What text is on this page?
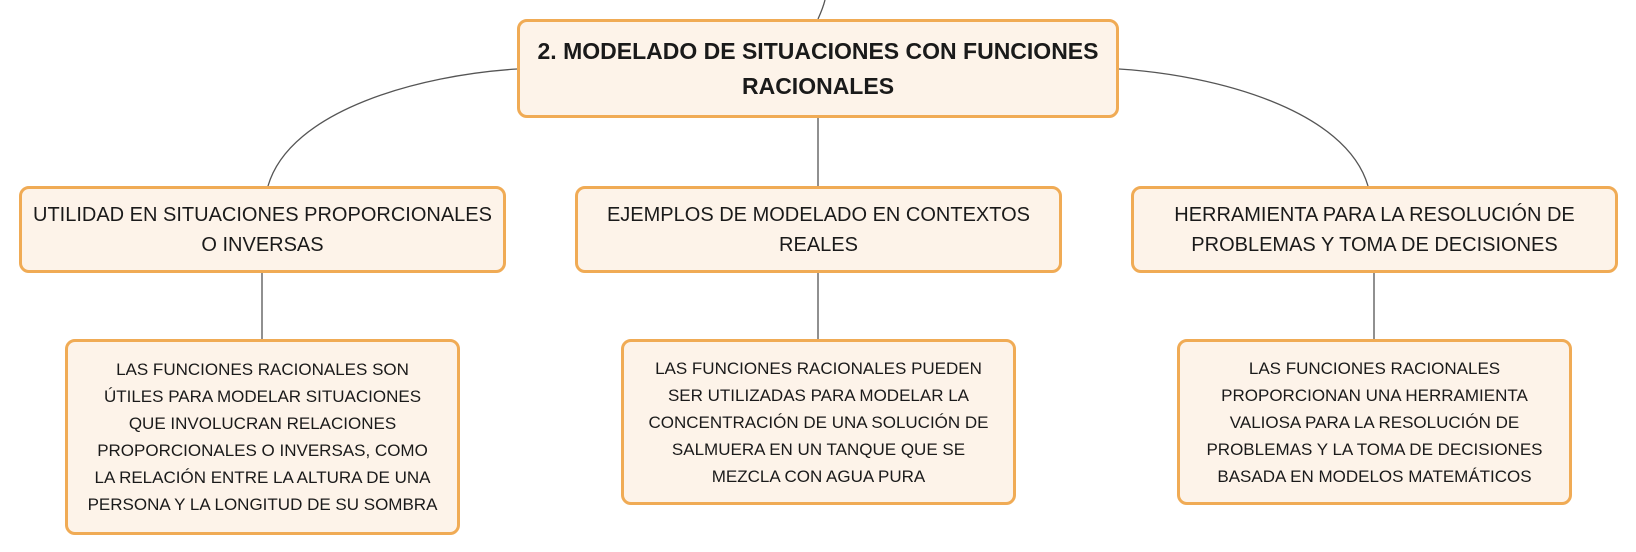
2. MODELADO DE SITUACIONES CON FUNCIONES RACIONALES
UTILIDAD EN SITUACIONES PROPORCIONALES O INVERSAS
EJEMPLOS DE MODELADO EN CONTEXTOS REALES
HERRAMIENTA PARA LA RESOLUCIÓN DE PROBLEMAS Y TOMA DE DECISIONES
LAS FUNCIONES RACIONALES SON ÚTILES PARA MODELAR SITUACIONES QUE INVOLUCRAN RELACIONES PROPORCIONALES O INVERSAS, COMO LA RELACIÓN ENTRE LA ALTURA DE UNA PERSONA Y LA LONGITUD DE SU SOMBRA
LAS FUNCIONES RACIONALES PUEDEN SER UTILIZADAS PARA MODELAR LA CONCENTRACIÓN DE UNA SOLUCIÓN DE SALMUERA EN UN TANQUE QUE SE MEZCLA CON AGUA PURA
LAS FUNCIONES RACIONALES PROPORCIONAN UNA HERRAMIENTA VALIOSA PARA LA RESOLUCIÓN DE PROBLEMAS Y LA TOMA DE DECISIONES BASADA EN MODELOS MATEMÁTICOS
